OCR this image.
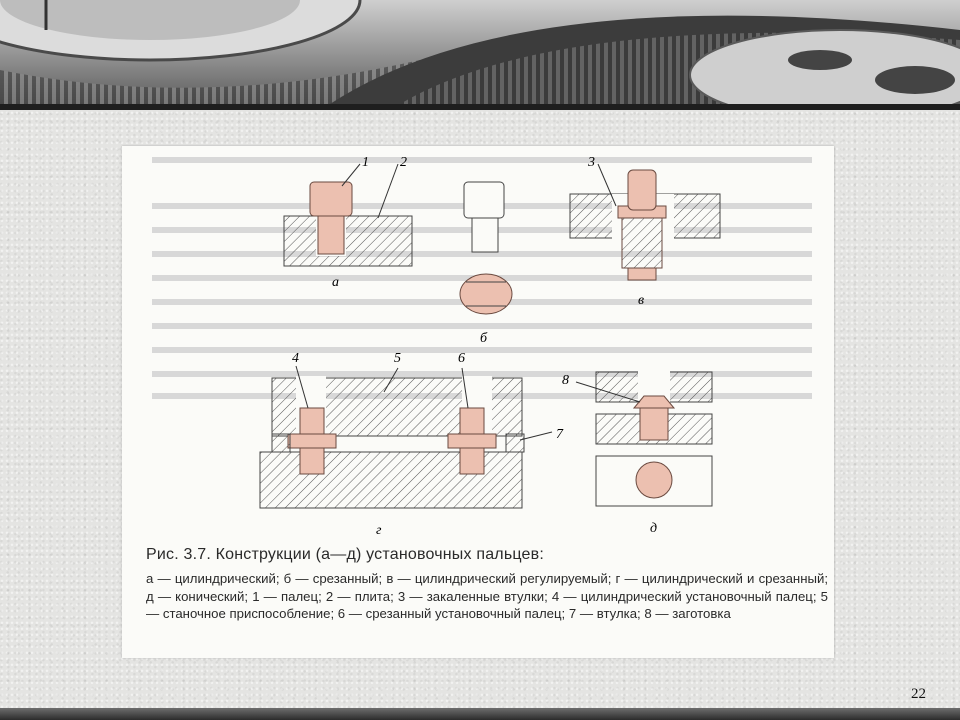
1 2
а
б
3
в
4	5	6
7
г
8
д
Рис. 3.7. Конструкции (а—д) установочных пальцев:
а — цилиндрический; б — срезанный; в — цилиндрический регулируемый; г — цилиндрический и срезанный; д — конический; 1 — палец; 2 — плита; 3 — закаленные втулки; 4 — цилиндрический установочный палец; 5 — станочное приспособление; 6 — срезанный установочный палец; 7 — втулка; 8 — заготовка
22
